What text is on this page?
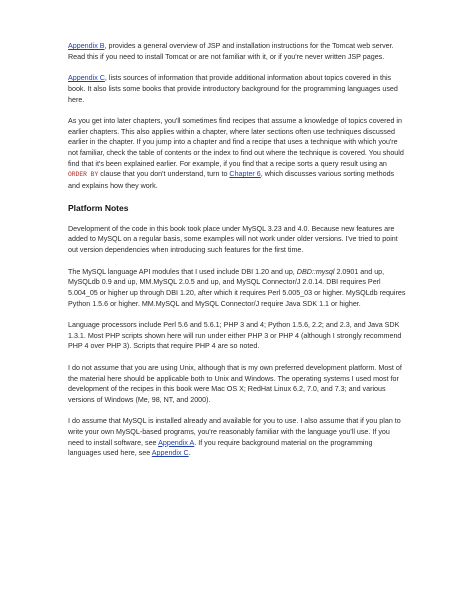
Appendix B, provides a general overview of JSP and installation instructions for the Tomcat web server. Read this if you need to install Tomcat or are not familiar with it, or if you're never written JSP pages.

Appendix C, lists sources of information that provide additional information about topics covered in this book. It also lists some books that provide introductory background for the programming languages used here.

As you get into later chapters, you'll sometimes find recipes that assume a knowledge of topics covered in earlier chapters. This also applies within a chapter, where later sections often use techniques discussed earlier in the chapter. If you jump into a chapter and find a recipe that uses a technique with which you're not familiar, check the table of contents or the index to find out where the technique is covered. You should find that it's been explained earlier. For example, if you find that a recipe sorts a query result using an ORDER BY clause that you don't understand, turn to Chapter 6, which discusses various sorting methods and explains how they work.

Platform Notes

Development of the code in this book took place under MySQL 3.23 and 4.0. Because new features are added to MySQL on a regular basis, some examples will not work under older versions. I've tried to point out version dependencies when introducing such features for the first time.

The MySQL language API modules that I used include DBI 1.20 and up, DBD::mysql 2.0901 and up, MySQLdb 0.9 and up, MM.MySQL 2.0.5 and up, and MySQL Connector/J 2.0.14. DBI requires Perl 5.004_05 or higher up through DBI 1.20, after which it requires Perl 5.005_03 or higher. MySQLdb requires Python 1.5.6 or higher. MM.MySQL and MySQL Connector/J require Java SDK 1.1 or higher.

Language processors include Perl 5.6 and 5.6.1; PHP 3 and 4; Python 1.5.6, 2.2; and 2.3, and Java SDK 1.3.1. Most PHP scripts shown here will run under either PHP 3 or PHP 4 (although I strongly recommend PHP 4 over PHP 3). Scripts that require PHP 4 are so noted.

I do not assume that you are using Unix, although that is my own preferred development platform. Most of the material here should be applicable both to Unix and Windows. The operating systems I used most for development of the recipes in this book were Mac OS X; RedHat Linux 6.2, 7.0, and 7.3; and various versions of Windows (Me, 98, NT, and 2000).

I do assume that MySQL is installed already and available for you to use. I also assume that if you plan to write your own MySQL-based programs, you're reasonably familiar with the language you'll use. If you need to install software, see Appendix A. If you require background material on the programming languages used here, see Appendix C.
